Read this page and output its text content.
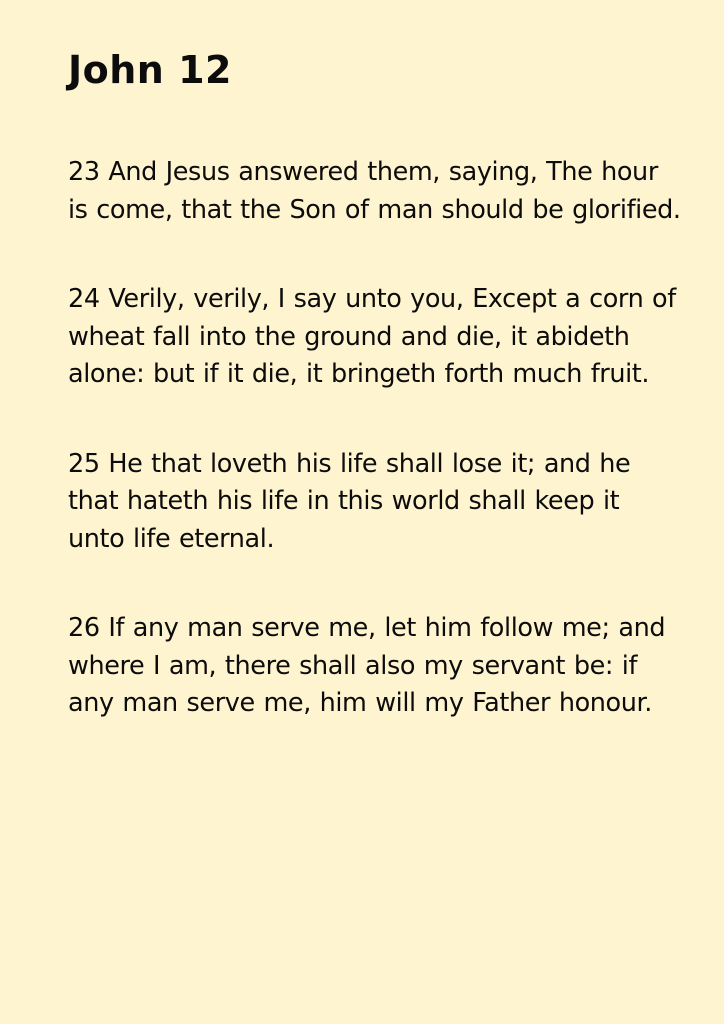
John 12

23 And Jesus answered them, saying, The hour is come, that the Son of man should be glorified.

24 Verily, verily, I say unto you, Except a corn of wheat fall into the ground and die, it abideth alone: but if it die, it bringeth forth much fruit.

25 He that loveth his life shall lose it; and he that hateth his life in this world shall keep it unto life eternal.

26 If any man serve me, let him follow me; and where I am, there shall also my servant be: if any man serve me, him will my Father honour.
